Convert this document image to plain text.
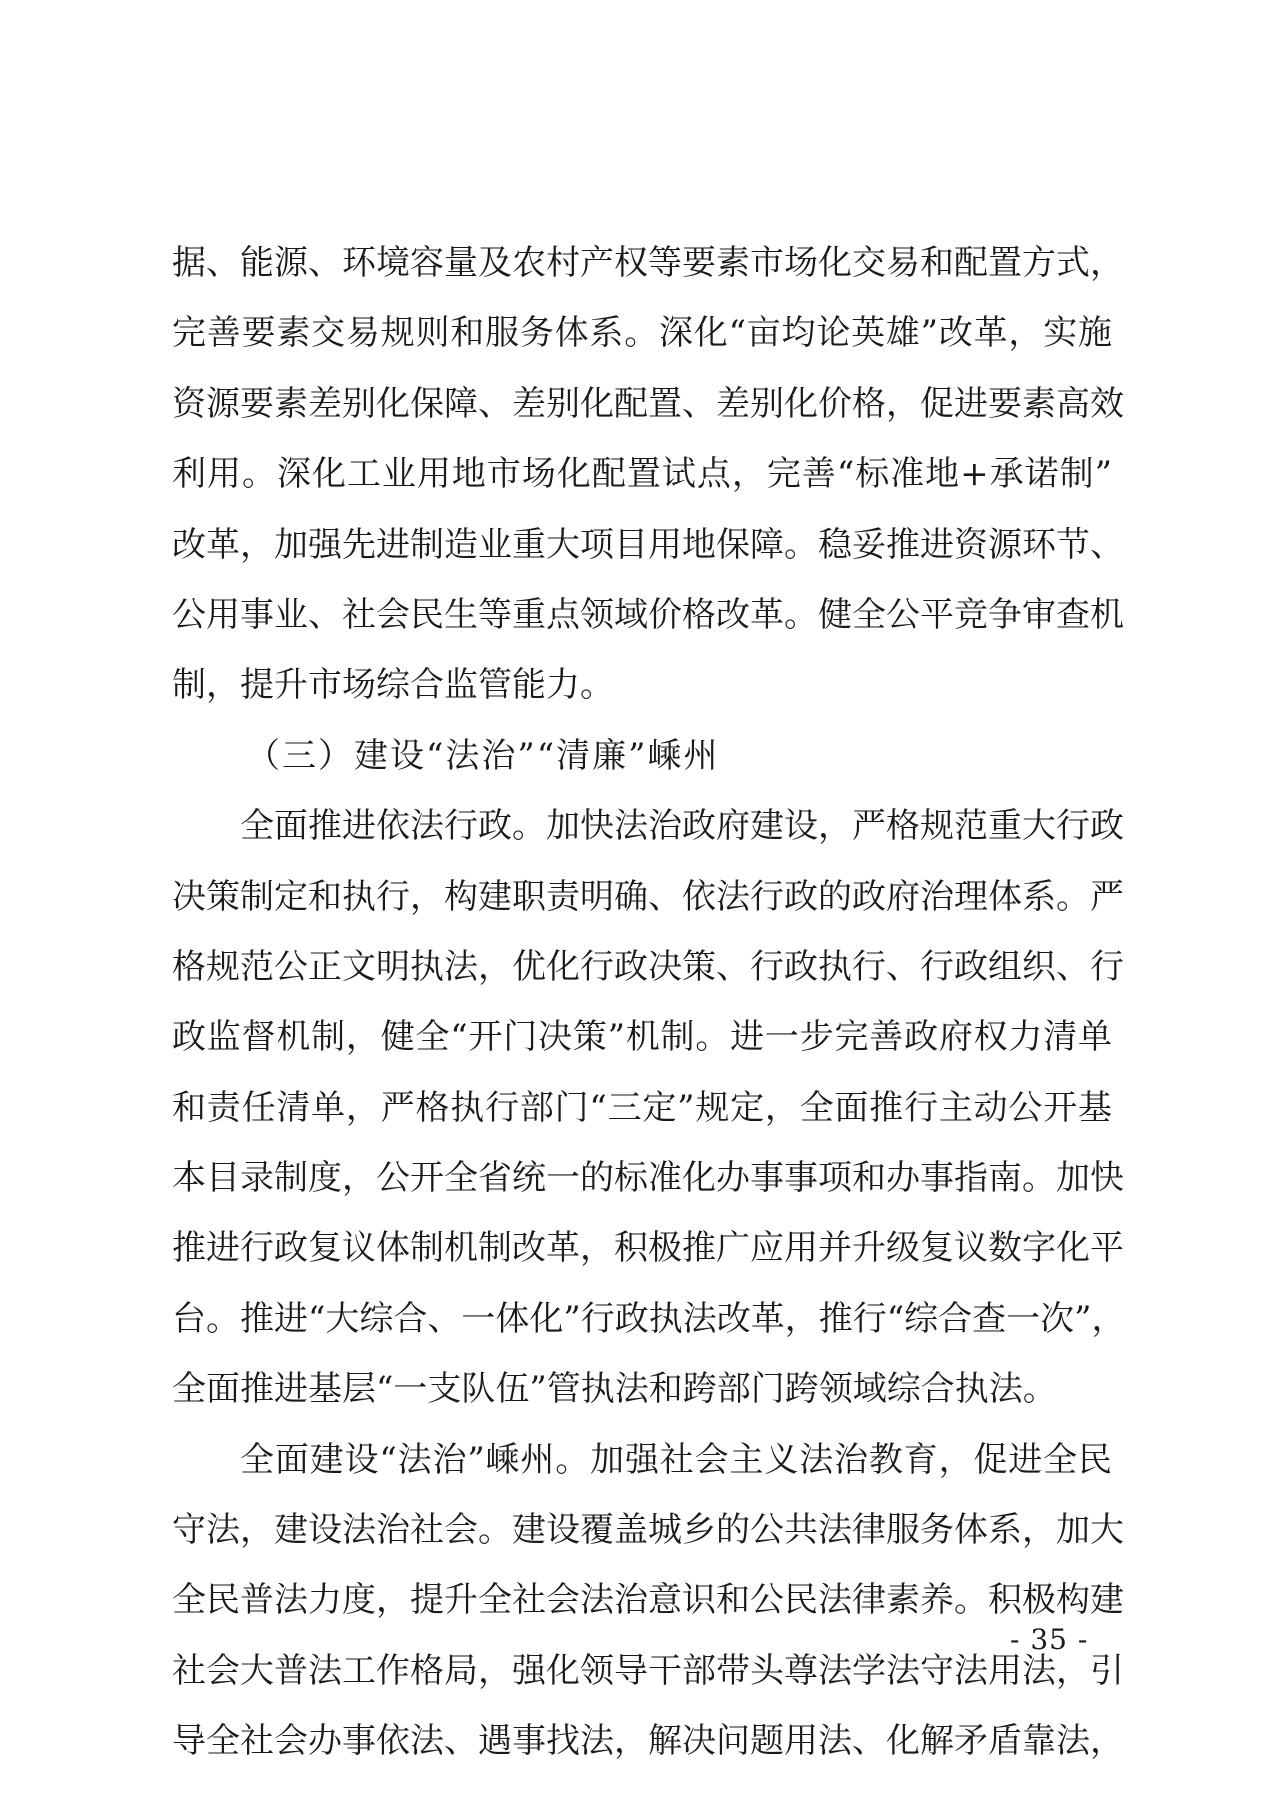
据、能源、环境容量及农村产权等要素市场化交易和配置方式，
完善要素交易规则和服务体系。深化“亩均论英雄”改革，实施
资源要素差别化保障、差别化配置、差别化价格，促进要素高效
利用。深化工业用地市场化配置试点，完善“标准地+承诺制”
改革，加强先进制造业重大项目用地保障。稳妥推进资源环节、
公用事业、社会民生等重点领域价格改革。健全公平竞争审查机
制，提升市场综合监管能力。
（三）建设“法治”“清廉”嵊州
全面推进依法行政。加快法治政府建设，严格规范重大行政
决策制定和执行，构建职责明确、依法行政的政府治理体系。严
格规范公正文明执法，优化行政决策、行政执行、行政组织、行
政监督机制，健全“开门决策”机制。进一步完善政府权力清单
和责任清单，严格执行部门“三定”规定，全面推行主动公开基
本目录制度，公开全省统一的标准化办事事项和办事指南。加快
推进行政复议体制机制改革，积极推广应用并升级复议数字化平
台。推进“大综合、一体化”行政执法改革，推行“综合查一次”，
全面推进基层“一支队伍”管执法和跨部门跨领域综合执法。
全面建设“法治”嵊州。加强社会主义法治教育，促进全民
守法，建设法治社会。建设覆盖城乡的公共法律服务体系，加大
全民普法力度，提升全社会法治意识和公民法律素养。积极构建
社会大普法工作格局，强化领导干部带头尊法学法守法用法，引
导全社会办事依法、遇事找法，解决问题用法、化解矛盾靠法，
- 35 -
